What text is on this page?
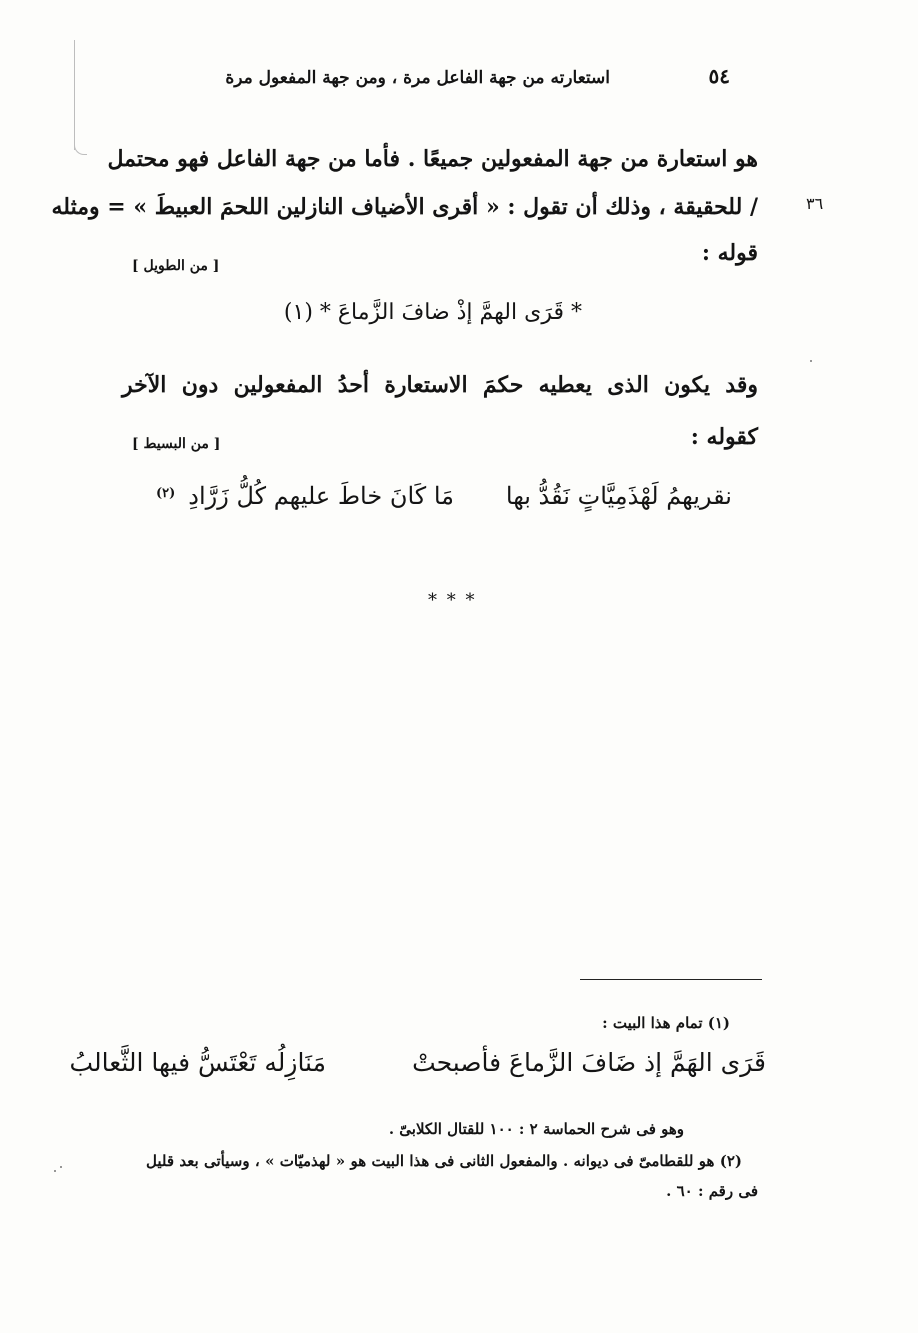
استعارته من جهة الفاعل مرة ، ومن جهة المفعول مرة	٥٤
٣٦
هو استعارة من جهة المفعولين جميعًا . فأما من جهة الفاعل فهو محتمل
/ للحقيقة ، وذلك أن تقول : « أقرى الأضياف النازلين اللحمَ العبيطَ » = ومثله
قوله :
[ من الطويل ]
* قَرَى الهمَّ إذْ ضافَ الزَّماعَ * (١)
وقد يكون الذى يعطيه حكمَ الاستعارة أحدُ المفعولين دون الآخر
كقوله :
[ من البسيط ]
نقريهمُ لَهْذَمِيَّاتٍ نَقُدُّ بها
مَا كَانَ خاطَ عليهم كُلُّ زَرَّادِ
(٢)
* * *
(١) تمام هذا البيت :
قَرَى الهَمَّ إذ ضَافَ الزَّماعَ فأصبحتْ
مَنَازِلُه تَعْتَسُّ فيها الثَّعالبُ
وهو فى شرح الحماسة ٢ : ١٠٠ للقتال الكلابىّ .
(٢) هو للقطامىّ فى ديوانه . والمفعول الثانى فى هذا البيت هو « لهذميّات » ، وسيأتى بعد قليل
فى رقم : ٦٠ .
